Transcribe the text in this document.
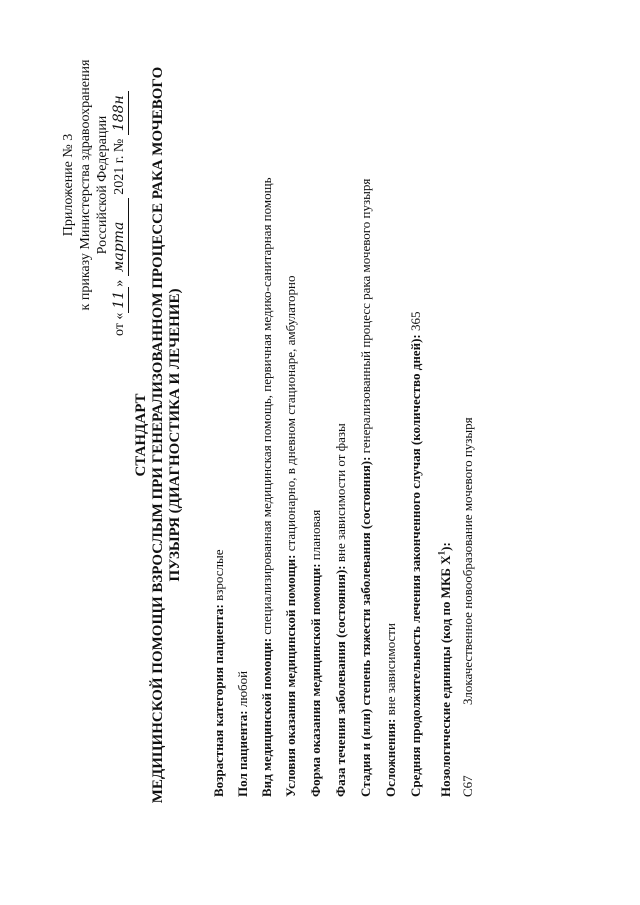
Приложение № 3 к приказу Министерства здравоохранения Российской Федерации
от «11» марта 2021 г. № 188н
СТАНДАРТ МЕДИЦИНСКОЙ ПОМОЩИ ВЗРОСЛЫМ ПРИ ГЕНЕРАЛИЗОВАННОМ ПРОЦЕССЕ РАКА МОЧЕВОГО ПУЗЫРЯ (ДИАГНОСТИКА И ЛЕЧЕНИЕ)
Возрастная категория пациента: взрослые
Пол пациента: любой Вид медицинской помощи: специализированная медицинская помощь, первичная медико-санитарная помощь
Условия оказания медицинской помощи: стационарно, в дневном стационаре, амбулаторно
Форма оказания медицинской помощи: плановая
Фаза течения заболевания (состояния): вне зависимости от фазы Стадия и (или) степень тяжести заболевания (состояния): генерализованный процесс рака мочевого пузыря
Осложнения: вне зависимости Средняя продолжительность лечения законченного случая (количество дней): 365
Нозологические единицы (код по МКБ $Х^1$):
С67
Злокачественное новообразование мочевого пузыря
